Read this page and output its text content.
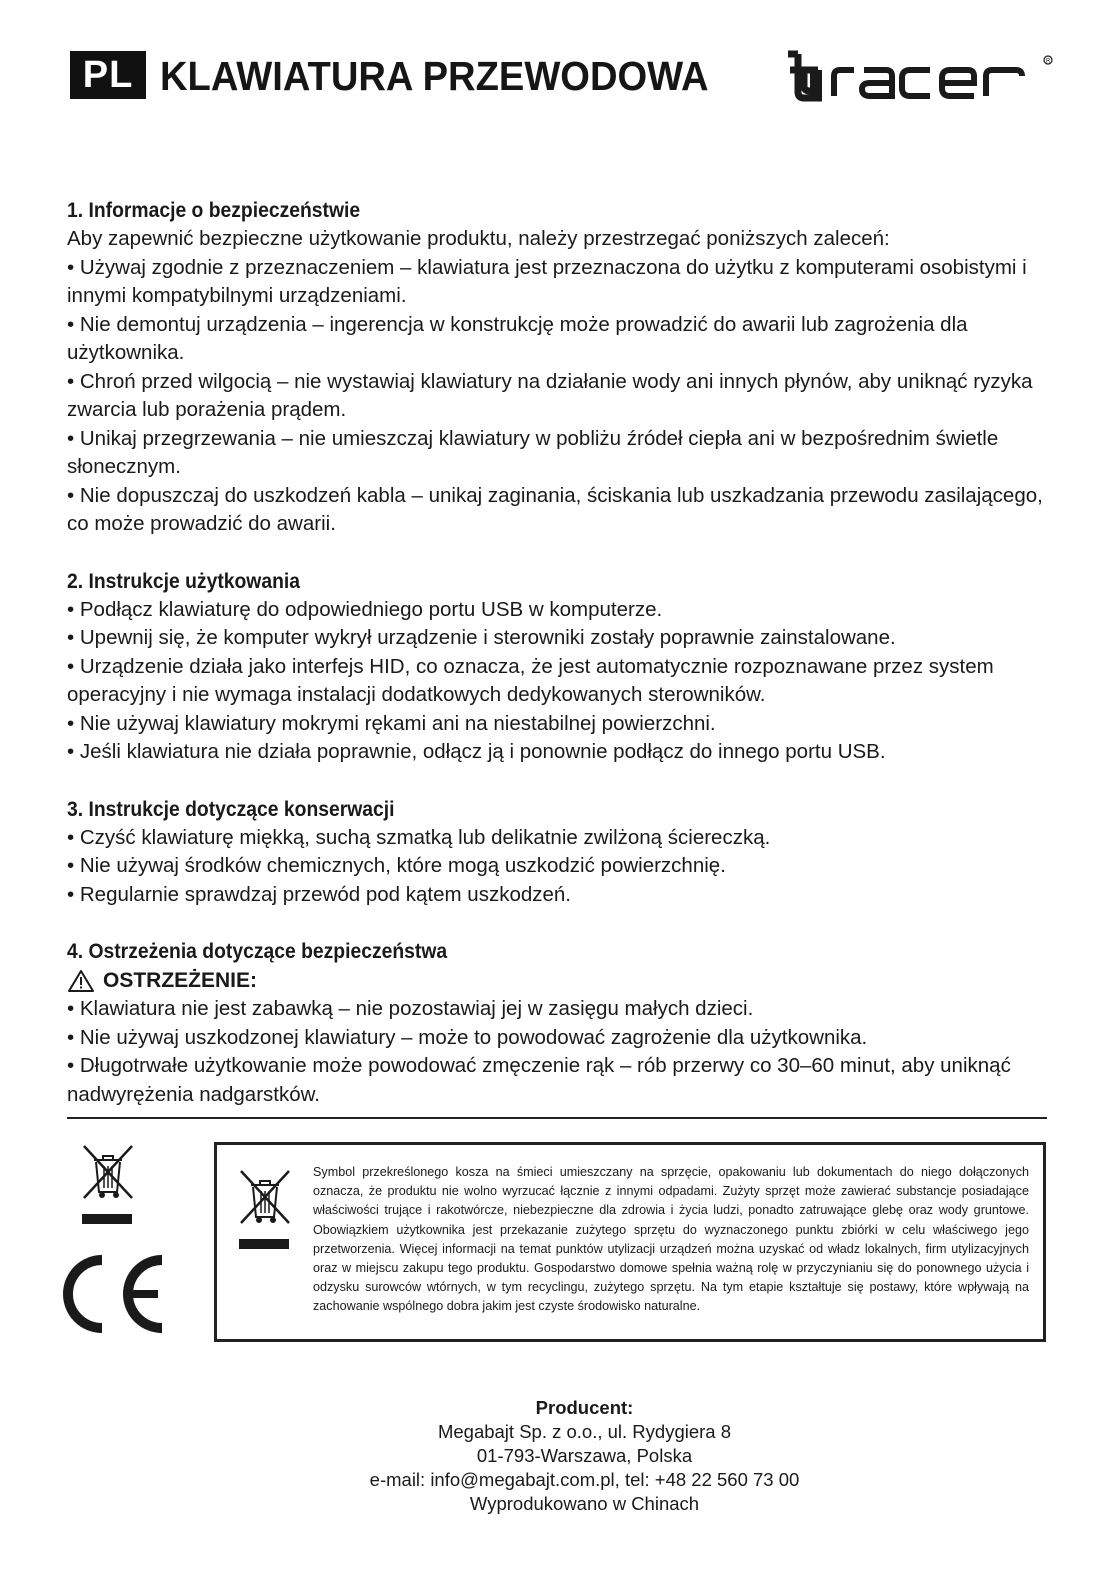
PL KLAWIATURA PRZEWODOWA	R
1. Informacje o bezpieczeństwie

Aby zapewnić bezpieczne użytkowanie produktu, należy przestrzegać poniższych zaleceń:

• Używaj zgodnie z przeznaczeniem – klawiatura jest przeznaczona do użytku z komputerami osobistymi i innymi kompatybilnymi urządzeniami.

• Nie demontuj urządzenia – ingerencja w konstrukcję może prowadzić do awarii lub zagrożenia dla użytkownika.

• Chroń przed wilgocią – nie wystawiaj klawiatury na działanie wody ani innych płynów, aby uniknąć ryzyka zwarcia lub porażenia prądem.

• Unikaj przegrzewania – nie umieszczaj klawiatury w pobliżu źródeł ciepła ani w bezpośrednim świetle słonecznym.

• Nie dopuszczaj do uszkodzeń kabla – unikaj zaginania, ściskania lub uszkadzania przewodu zasilającego, co może prowadzić do awarii.

2. Instrukcje użytkowania

• Podłącz klawiaturę do odpowiedniego portu USB w komputerze.

• Upewnij się, że komputer wykrył urządzenie i sterowniki zostały poprawnie zainstalowane.

• Urządzenie działa jako interfejs HID, co oznacza, że jest automatycznie rozpoznawane przez system operacyjny i nie wymaga instalacji dodatkowych dedykowanych sterowników.

• Nie używaj klawiatury mokrymi rękami ani na niestabilnej powierzchni.

• Jeśli klawiatura nie działa poprawnie, odłącz ją i ponownie podłącz do innego portu USB.

3. Instrukcje dotyczące konserwacji

• Czyść klawiaturę miękką, suchą szmatką lub delikatnie zwilżoną ściereczką.

• Nie używaj środków chemicznych, które mogą uszkodzić powierzchnię.

• Regularnie sprawdzaj przewód pod kątem uszkodzeń.

4. Ostrzeżenia dotyczące bezpieczeństwa
OSTRZEŻENIE:

• Klawiatura nie jest zabawką – nie pozostawiaj jej w zasięgu małych dzieci.

• Nie używaj uszkodzonej klawiatury – może to powodować zagrożenie dla użytkownika.

• Długotrwałe użytkowanie może powodować zmęczenie rąk – rób przerwy co 30–60 minut, aby uniknąć nadwyrężenia nadgarstków.

Symbol przekreślonego kosza na śmieci umieszczany na sprzęcie, opakowaniu lub dokumentach do niego dołączonych oznacza, że produktu nie wolno wyrzucać łącznie z innymi odpadami. Zużyty sprzęt może zawierać substancje posiadające właściwości trujące i rakotwórcze, niebezpieczne dla zdrowia i życia ludzi, ponadto zatruwające glebę oraz wody gruntowe. Obowiązkiem użytkownika jest przekazanie zużytego sprzętu do wyznaczonego punktu zbiórki w celu właściwego jego przetworzenia. Więcej informacji na temat punktów utylizacji urządzeń można uzyskać od władz lokalnych, firm utylizacyjnych oraz w miejscu zakupu tego produktu. Gospodarstwo domowe spełnia ważną rolę w przyczynianiu się do ponownego użycia i odzysku surowców wtórnych, w tym recyclingu, zużytego sprzętu. Na tym etapie kształtuje się postawy, które wpływają na zachowanie wspólnego dobra jakim jest czyste środowisko naturalne.
Producent:
Megabajt Sp. z o.o., ul. Rydygiera 8
01-793-Warszawa, Polska
e-mail: info@megabajt.com.pl, tel: +48 22 560 73 00
Wyprodukowano w Chinach
